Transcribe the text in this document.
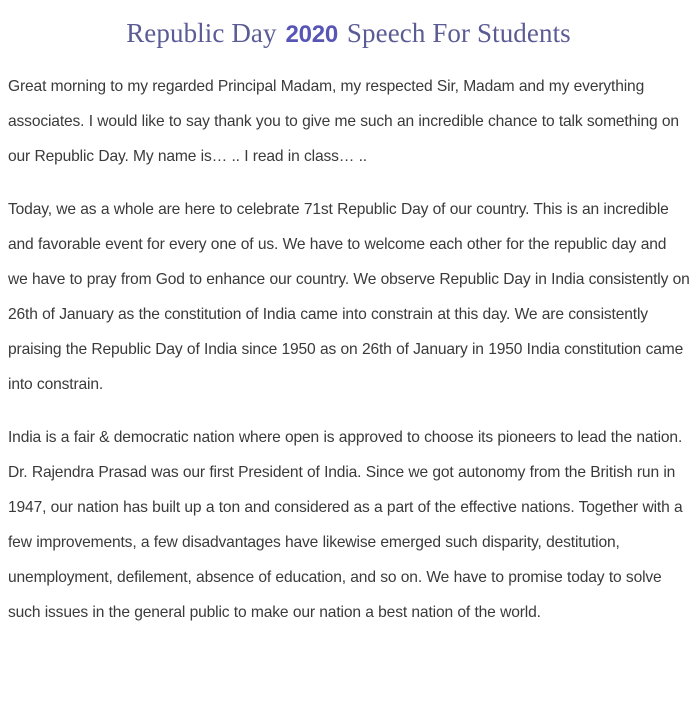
Republic Day 2020 Speech For Students

Great morning to my regarded Principal Madam, my respected Sir, Madam and my everything associates. I would like to say thank you to give me such an incredible chance to talk something on our Republic Day. My name is… .. I read in class… ..

Today, we as a whole are here to celebrate 71st Republic Day of our country. This is an incredible and favorable event for every one of us. We have to welcome each other for the republic day and we have to pray from God to enhance our country. We observe Republic Day in India consistently on 26th of January as the constitution of India came into constrain at this day. We are consistently praising the Republic Day of India since 1950 as on 26th of January in 1950 India constitution came into constrain.

India is a fair & democratic nation where open is approved to choose its pioneers to lead the nation. Dr. Rajendra Prasad was our first President of India. Since we got autonomy from the British run in 1947, our nation has built up a ton and considered as a part of the effective nations. Together with a few improvements, a few disadvantages have likewise emerged such disparity, destitution, unemployment, defilement, absence of education, and so on. We have to promise today to solve such issues in the general public to make our nation a best nation of the world.
